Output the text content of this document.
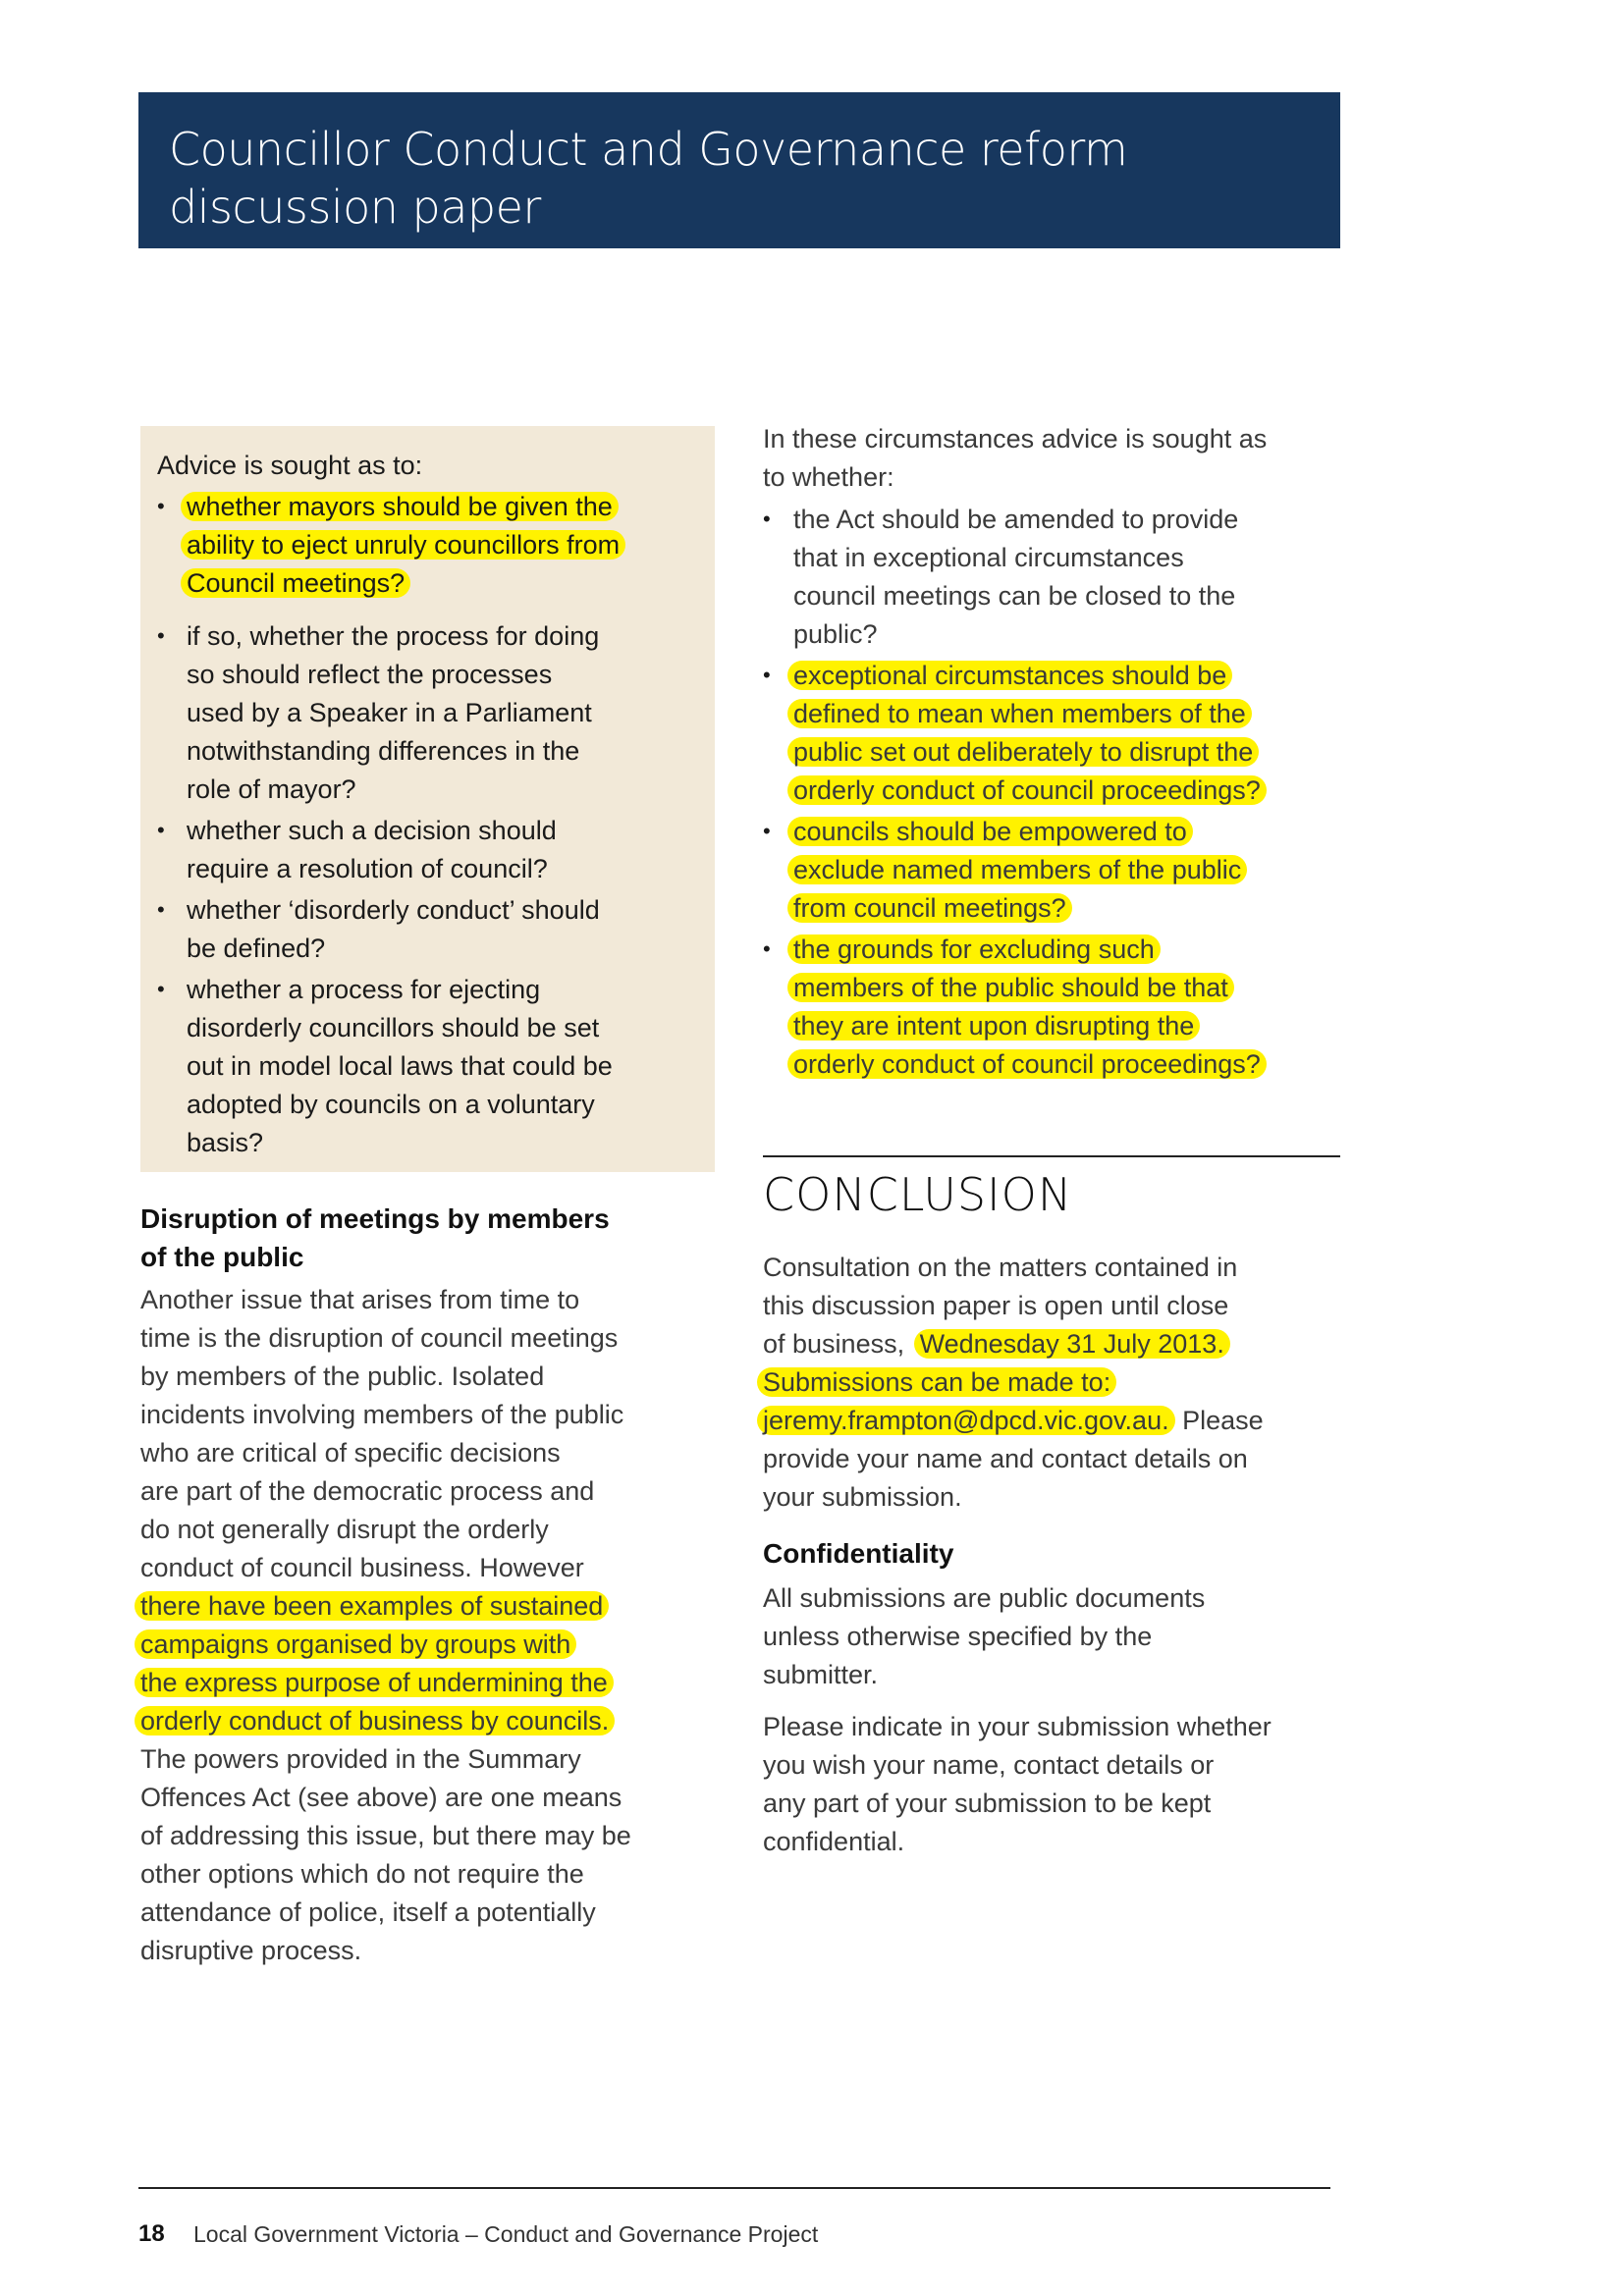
Councillor Conduct and Governance reform
discussion paper
Advice is sought as to:
• whether mayors should be given the
ability to eject unruly councillors from
Council meetings?
• if so, whether the process for doing
so should reflect the processes
used by a Speaker in a Parliament
notwithstanding differences in the
role of mayor?
• whether such a decision should
require a resolution of council?
• whether ‘disorderly conduct’ should
be defined?
• whether a process for ejecting
disorderly councillors should be set
out in model local laws that could be
adopted by councils on a voluntary
basis?
Disruption of meetings by members
of the public
Another issue that arises from time to
time is the disruption of council meetings
by members of the public. Isolated
incidents involving members of the public
who are critical of specific decisions
are part of the democratic process and
do not generally disrupt the orderly
conduct of council business. However
there have been examples of sustained
campaigns organised by groups with
the express purpose of undermining the
orderly conduct of business by councils.
The powers provided in the Summary
Offences Act (see above) are one means
of addressing this issue, but there may be
other options which do not require the
attendance of police, itself a potentially
disruptive process.
In these circumstances advice is sought as
to whether:
• the Act should be amended to provide
that in exceptional circumstances
council meetings can be closed to the
public?
• exceptional circumstances should be
defined to mean when members of the
public set out deliberately to disrupt the
orderly conduct of council proceedings?
• councils should be empowered to
exclude named members of the public
from council meetings?
• the grounds for excluding such
members of the public should be that
they are intent upon disrupting the
orderly conduct of council proceedings?
CONCLUSION
Consultation on the matters contained in
this discussion paper is open until close
of business, Wednesday 31 July 2013.
Submissions can be made to:
jeremy.frampton@dpcd.vic.gov.au. Please
provide your name and contact details on
your submission.
Confidentiality
All submissions are public documents
unless otherwise specified by the
submitter.
Please indicate in your submission whether
you wish your name, contact details or
any part of your submission to be kept
confidential.
18 Local Government Victoria – Conduct and Governance Project
